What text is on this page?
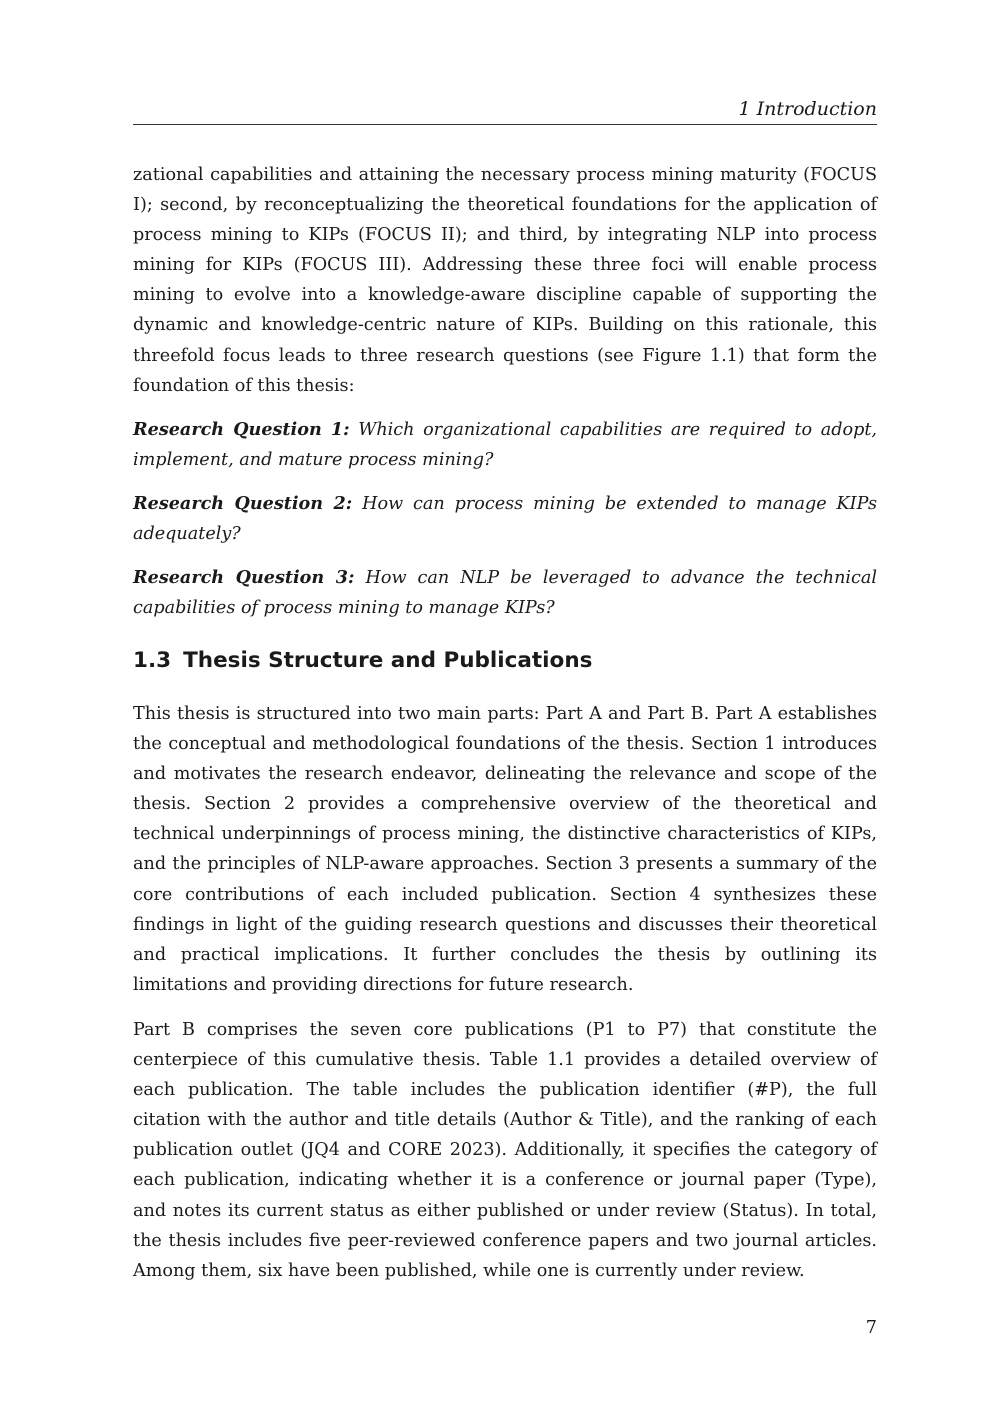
1 Introduction

zational capabilities and attaining the necessary process mining maturity (FOCUS I); second, by reconceptualizing the theoretical foundations for the application of process mining to KIPs (FOCUS II); and third, by integrating NLP into process mining for KIPs (FOCUS III). Addressing these three foci will enable process mining to evolve into a knowledge-aware discipline capable of supporting the dynamic and knowledge-centric nature of KIPs. Building on this rationale, this threefold focus leads to three research questions (see Figure 1.1) that form the foundation of this thesis:

Research Question 1: Which organizational capabilities are required to adopt, implement, and mature process mining?

Research Question 2: How can process mining be extended to manage KIPs adequately?

Research Question 3: How can NLP be leveraged to advance the technical capabilities of process mining to manage KIPs?

1.3 Thesis Structure and Publications

This thesis is structured into two main parts: Part A and Part B. Part A establishes the conceptual and methodological foundations of the thesis. Section 1 introduces and motivates the research endeavor, delineating the relevance and scope of the thesis. Section 2 provides a comprehensive overview of the theoretical and technical underpinnings of process mining, the distinctive characteristics of KIPs, and the principles of NLP-aware approaches. Section 3 presents a summary of the core contributions of each included publication. Section 4 synthesizes these findings in light of the guiding research questions and discusses their theoretical and practical implications. It further concludes the thesis by outlining its limitations and providing directions for future research.

Part B comprises the seven core publications (P1 to P7) that constitute the centerpiece of this cumulative thesis. Table 1.1 provides a detailed overview of each publication. The table includes the publication identifier (#P), the full citation with the author and title details (Author & Title), and the ranking of each publication outlet (JQ4 and CORE 2023). Additionally, it specifies the category of each publication, indicating whether it is a conference or journal paper (Type), and notes its current status as either published or under review (Status). In total, the thesis includes five peer-reviewed conference papers and two journal articles. Among them, six have been published, while one is currently under review.

7
